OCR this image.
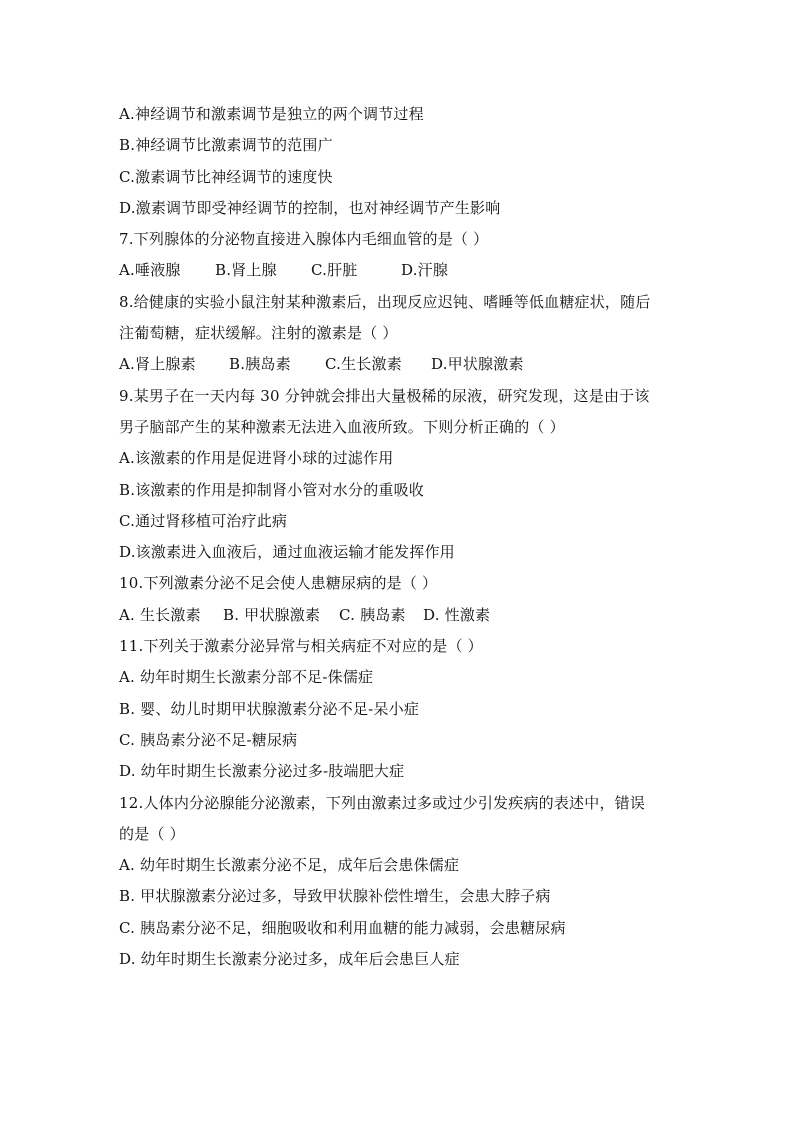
A.神经调节和激素调节是独立的两个调节过程
B.神经调节比激素调节的范围广
C.激素调节比神经调节的速度快
D.激素调节即受神经调节的控制，也对神经调节产生影响
7.下列腺体的分泌物直接进入腺体内毛细血管的是（ ）
A.唾液腺 B.肾上腺 C.肝脏	D.汗腺
8.给健康的实验小鼠注射某种激素后，出现反应迟钝、嗜睡等低血糖症状，随后
注葡萄糖，症状缓解。注射的激素是（ ）
A.肾上腺素 B.胰岛素 C.生长激素 D.甲状腺激素
9.某男子在一天内每 30 分钟就会排出大量极稀的尿液，研究发现，这是由于该
男子脑部产生的某种激素无法进入血液所致。下则分析正确的（ ）
A.该激素的作用是促进肾小球的过滤作用
B.该激素的作用是抑制肾小管对水分的重吸收
C.通过肾移植可治疗此病
D.该激素进入血液后，通过血液运输才能发挥作用
10.下列激素分泌不足会使人患糖尿病的是（ ）
A. 生长激素 B. 甲状腺激素 C. 胰岛素 D. 性激素
11.下列关于激素分泌异常与相关病症不对应的是（ ）
A. 幼年时期生长激素分部不足-侏儒症
B. 婴、幼儿时期甲状腺激素分泌不足-呆小症
C. 胰岛素分泌不足-糖尿病
D. 幼年时期生长激素分泌过多-肢端肥大症
12.人体内分泌腺能分泌激素，下列由激素过多或过少引发疾病的表述中，错误
的是（ ）
A. 幼年时期生长激素分泌不足，成年后会患侏儒症
B. 甲状腺激素分泌过多，导致甲状腺补偿性增生，会患大脖子病
C. 胰岛素分泌不足，细胞吸收和利用血糖的能力减弱，会患糖尿病
D. 幼年时期生长激素分泌过多，成年后会患巨人症
